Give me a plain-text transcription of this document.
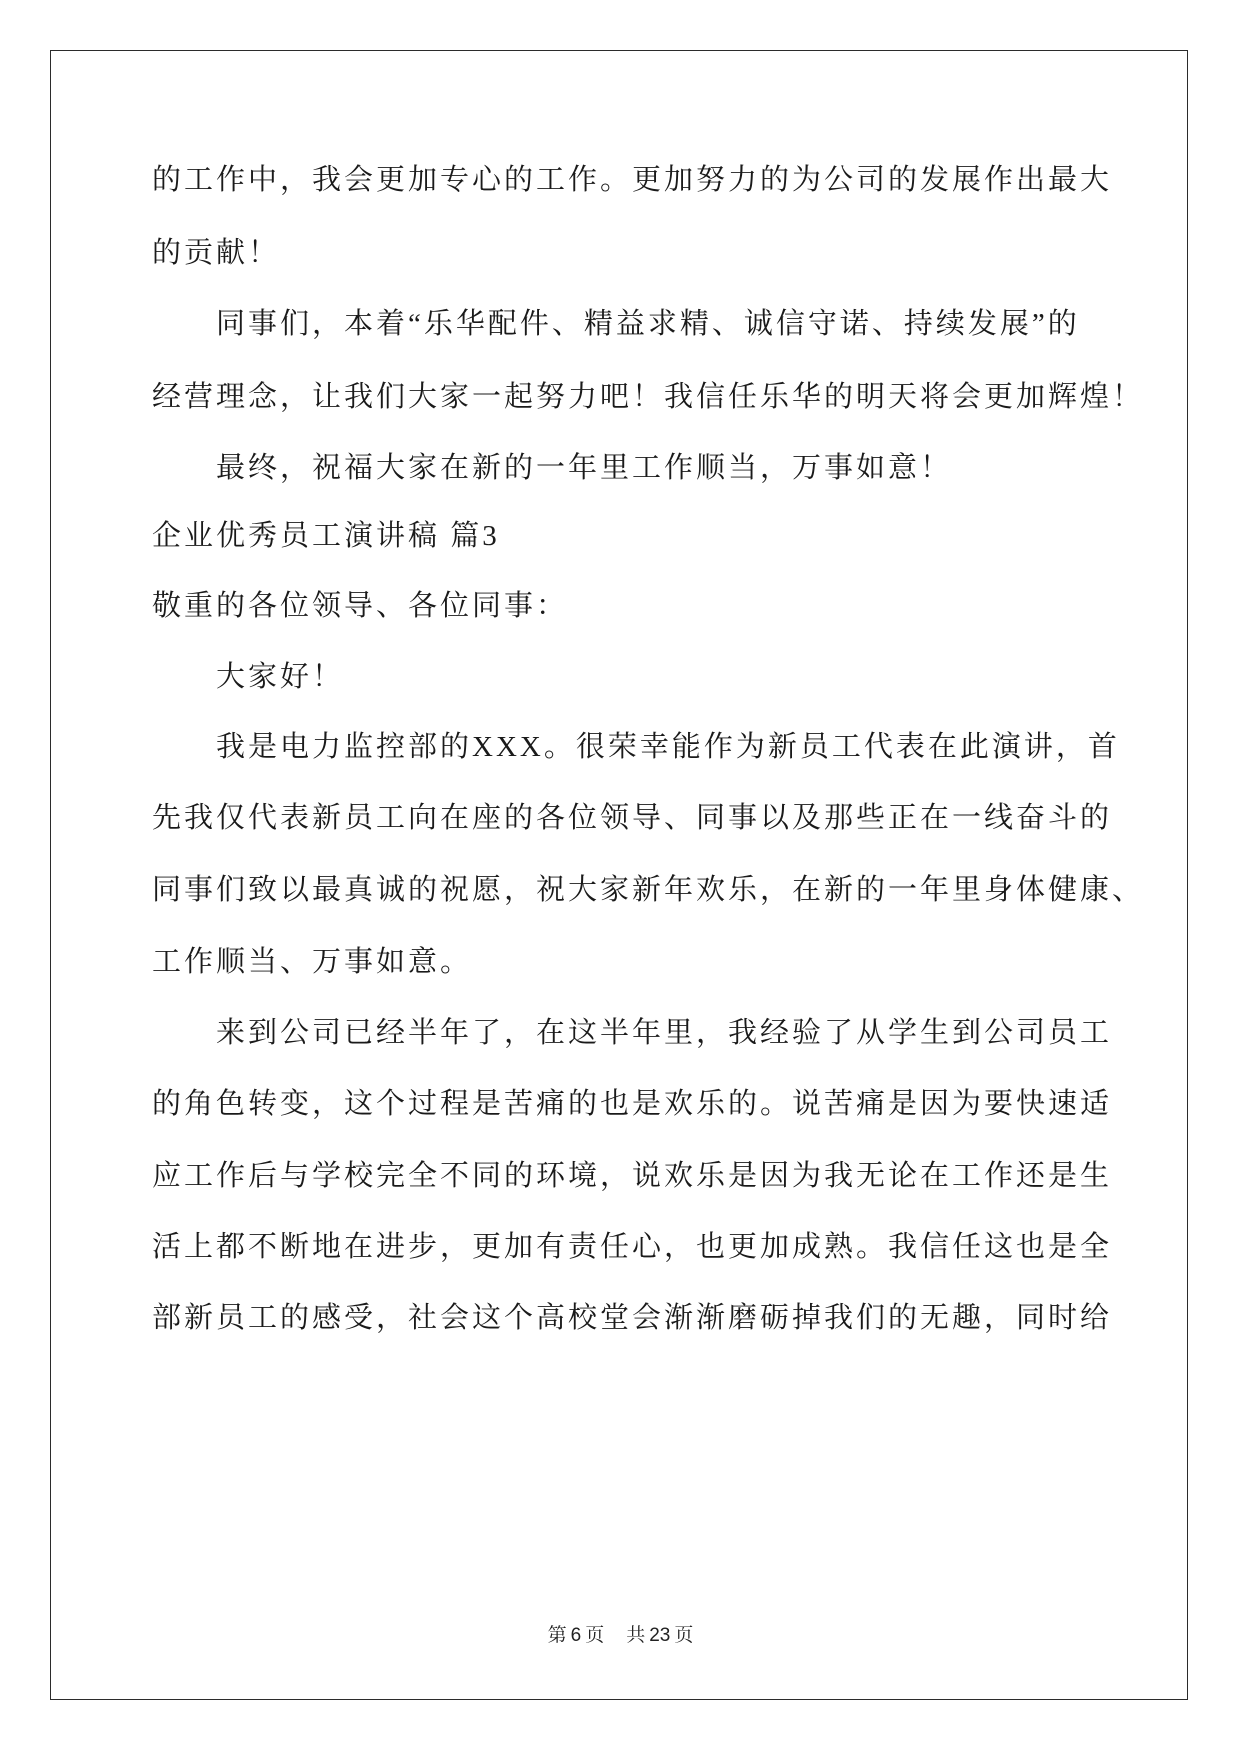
的工作中，我会更加专心的工作。更加努力的为公司的发展作出最大
的贡献！
同事们，本着“乐华配件、精益求精、诚信守诺、持续发展”的
经营理念，让我们大家一起努力吧！我信任乐华的明天将会更加辉煌！
最终，祝福大家在新的一年里工作顺当，万事如意！
企业优秀员工演讲稿 篇3
敬重的各位领导、各位同事：
大家好！
我是电力监控部的XXX。很荣幸能作为新员工代表在此演讲，首
先我仅代表新员工向在座的各位领导、同事以及那些正在一线奋斗的
同事们致以最真诚的祝愿，祝大家新年欢乐，在新的一年里身体健康、
工作顺当、万事如意。
来到公司已经半年了，在这半年里，我经验了从学生到公司员工
的角色转变，这个过程是苦痛的也是欢乐的。说苦痛是因为要快速适
应工作后与学校完全不同的环境，说欢乐是因为我无论在工作还是生
活上都不断地在进步，更加有责任心，也更加成熟。我信任这也是全
部新员工的感受，社会这个高校堂会渐渐磨砺掉我们的无趣，同时给
第 6 页 共 23 页
